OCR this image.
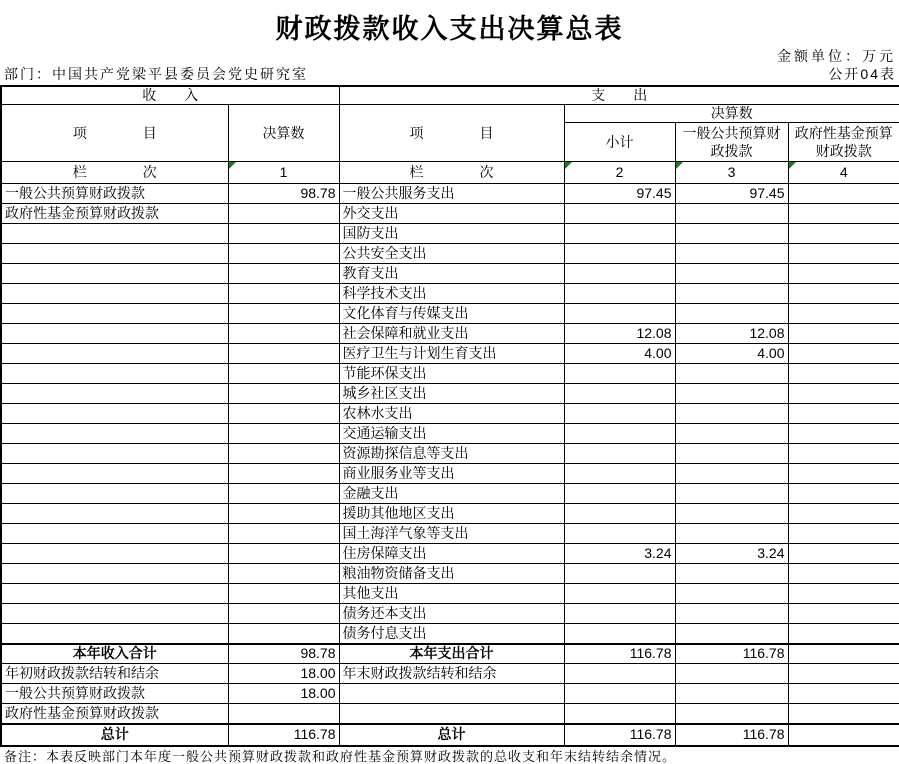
财政拨款收入支出决算总表
金额单位：万元
部门：中国共产党梁平县委员会党史研究室	公开04表
收　　入		支　　出			
项　　　　目	决算数	项　　　　目	决算数		
			小计	一般公共预算财政拨款	政府性基金预算财政拨款
栏　　　　次	1	栏　　　　次	2	3	4
一般公共预算财政拨款	98.78	一般公共服务支出	97.45	97.45	
政府性基金预算财政拨款		外交支出			
		国防支出			
		公共安全支出			
		教育支出			
		科学技术支出			
		文化体育与传媒支出			
		社会保障和就业支出	12.08	12.08	
		医疗卫生与计划生育支出	4.00	4.00	
		节能环保支出			
		城乡社区支出			
		农林水支出			
		交通运输支出			
		资源勘探信息等支出			
		商业服务业等支出			
		金融支出			
		援助其他地区支出			
		国土海洋气象等支出			
		住房保障支出	3.24	3.24	
		粮油物资储备支出			
		其他支出			
		债务还本支出			
		债务付息支出			
本年收入合计	98.78	本年支出合计	116.78	116.78	
年初财政拨款结转和结余	18.00	年末财政拨款结转和结余			
一般公共预算财政拨款	18.00				
政府性基金预算财政拨款					
总计	116.78	总计	116.78	116.78	
备注：本表反映部门本年度一般公共预算财政拨款和政府性基金预算财政拨款的总收支和年末结转结余情况。
